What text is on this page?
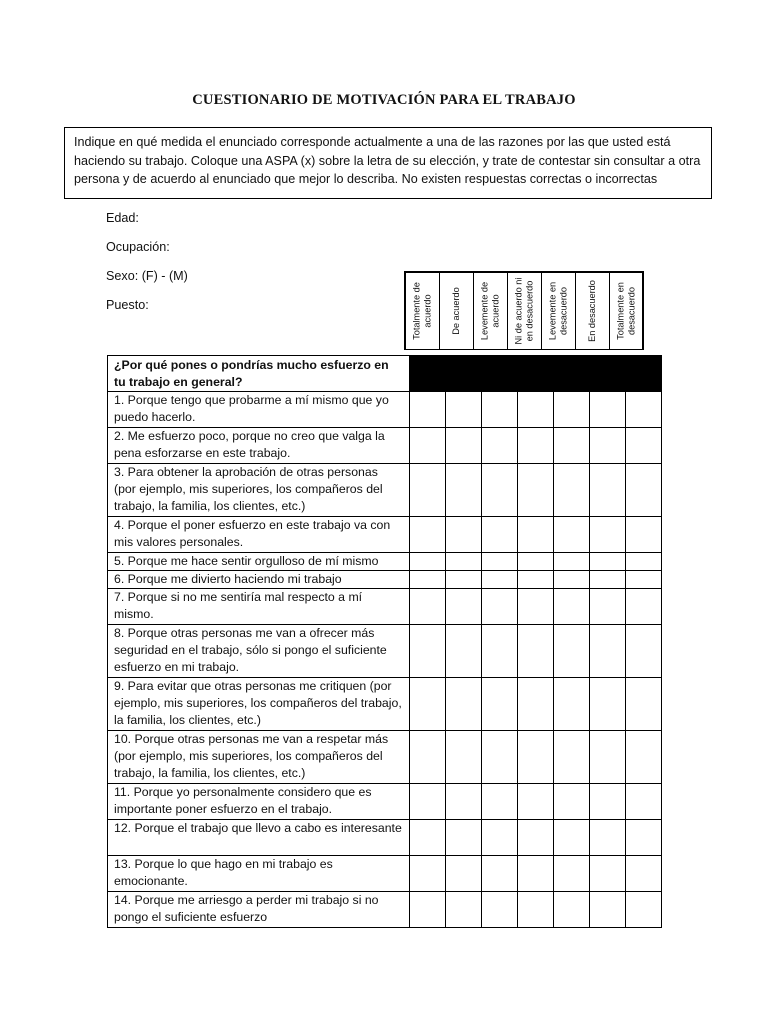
CUESTIONARIO DE MOTIVACIÓN PARA EL TRABAJO
Indique en qué medida el enunciado corresponde actualmente a una de las razones por las que usted está haciendo su trabajo. Coloque una ASPA (x) sobre la letra de su elección, y trate de contestar sin consultar a otra persona y de acuerdo al enunciado que mejor lo describa. No existen respuestas correctas o incorrectas
Edad:
Ocupación:
Sexo: (F) - (M)
Puesto:	Totalmente de acuerdo	De acuerdo	Levemente de acuerdo	Ni de acuerdo ni en desacuerdo	Levemente en desacuerdo	En desacuerdo	Totalmente en desacuerdo
¿Por qué pones o pondrías mucho esfuerzo en tu trabajo en general?							
1. Porque tengo que probarme a mí mismo que yo puedo hacerlo.							
2. Me esfuerzo poco, porque no creo que valga la pena esforzarse en este trabajo.							
3. Para obtener la aprobación de otras personas (por ejemplo, mis superiores, los compañeros del trabajo, la familia, los clientes, etc.)							
4. Porque el poner esfuerzo en este trabajo va con mis valores personales.							
5. Porque me hace sentir orgulloso de mí mismo							
6. Porque me divierto haciendo mi trabajo							
7. Porque si no me sentiría mal respecto a mí mismo.							
8. Porque otras personas me van a ofrecer más seguridad en el trabajo, sólo si pongo el suficiente esfuerzo en mi trabajo.							
9. Para evitar que otras personas me critiquen (por ejemplo, mis superiores, los compañeros del trabajo, la familia, los clientes, etc.)							
10. Porque otras personas me van a respetar más (por ejemplo, mis superiores, los compañeros del trabajo, la familia, los clientes, etc.)							
11. Porque yo personalmente considero que es importante poner esfuerzo en el trabajo.							
12. Porque el trabajo que llevo a cabo es interesante							
13. Porque lo que hago en mi trabajo es emocionante.							
14. Porque me arriesgo a perder mi trabajo si no pongo el suficiente esfuerzo							
